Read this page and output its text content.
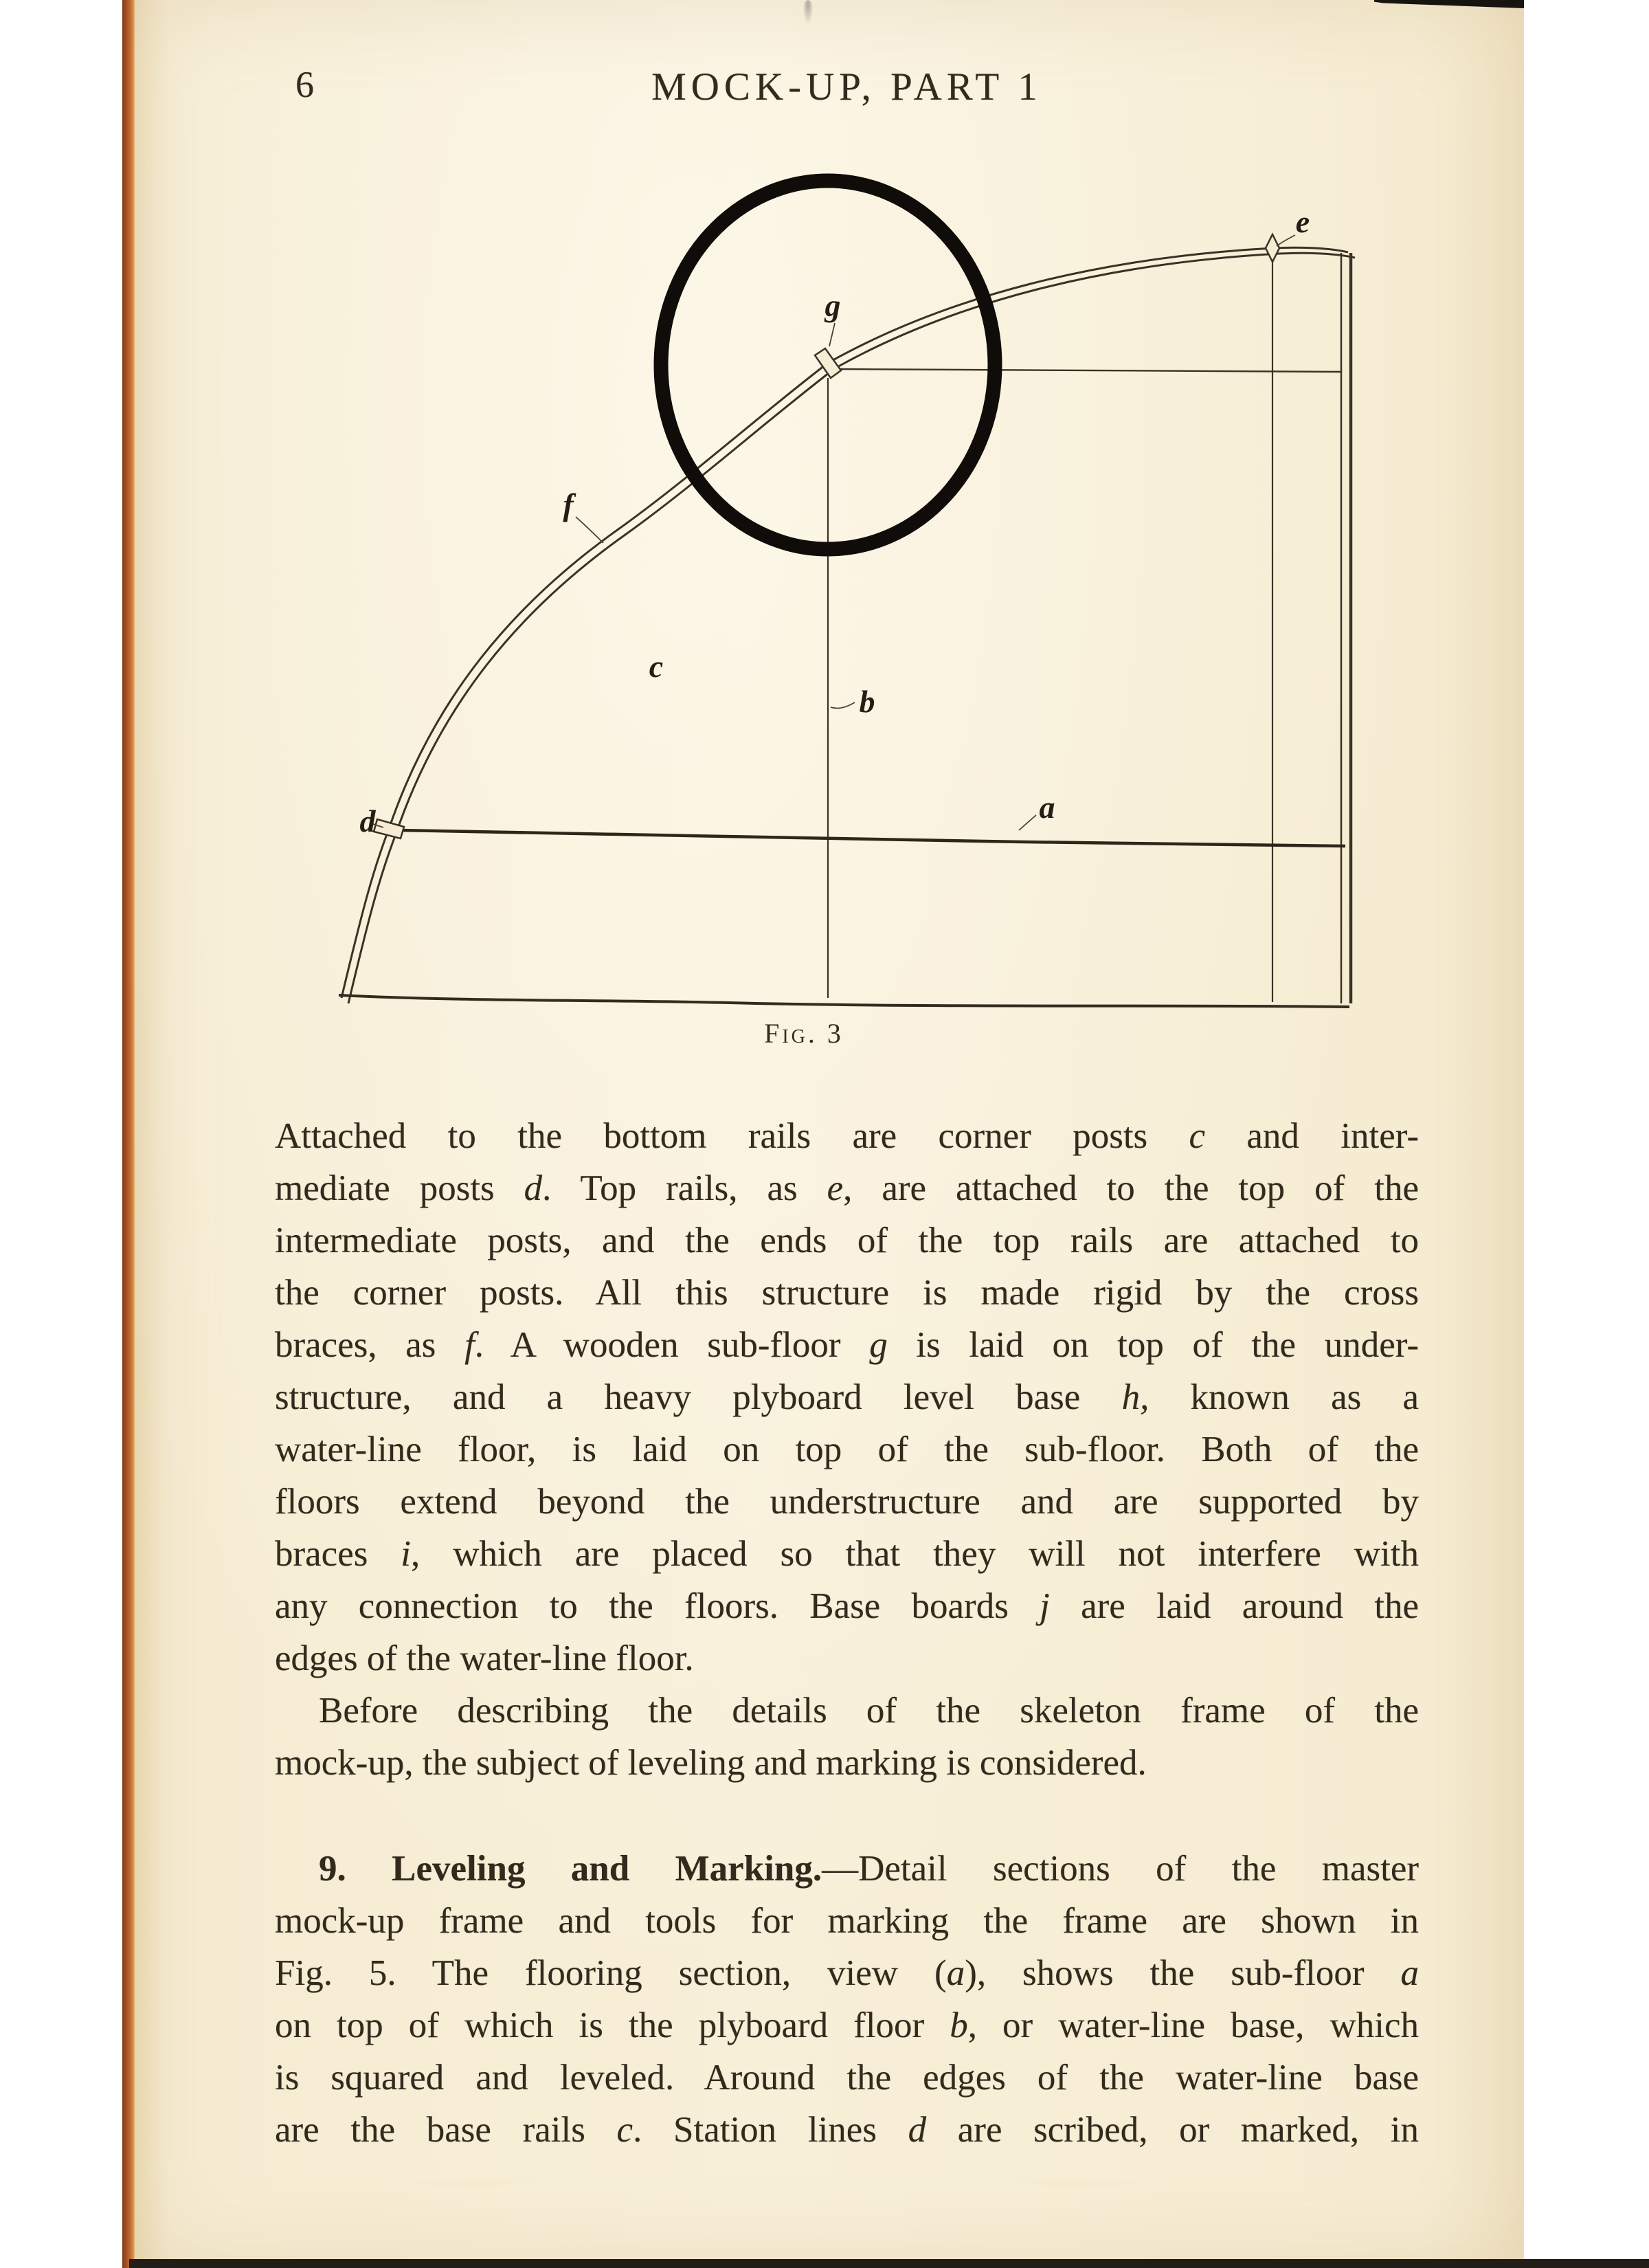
6	MOCK-UP, PART 1
g
e
f
c
b
d	a
Fig. 3
Attached to the bottom rails are corner posts c and inter-
mediate posts d. Top rails, as e, are attached to the top of the
intermediate posts, and the ends of the top rails are attached to
the corner posts. All this structure is made rigid by the cross
braces, as f. A wooden sub-floor g is laid on top of the under-
structure, and a heavy plyboard level base h, known as a
water-line floor, is laid on top of the sub-floor. Both of the
floors extend beyond the understructure and are supported by
braces i, which are placed so that they will not interfere with
any connection to the floors. Base boards j are laid around the
edges of the water-line floor.
Before describing the details of the skeleton frame of the
mock-up, the subject of leveling and marking is considered.
9. Leveling and Marking.—Detail sections of the master
mock-up frame and tools for marking the frame are shown in
Fig. 5. The flooring section, view (a), shows the sub-floor a
on top of which is the plyboard floor b, or water-line base, which
is squared and leveled. Around the edges of the water-line base
are the base rails c. Station lines d are scribed, or marked, in
